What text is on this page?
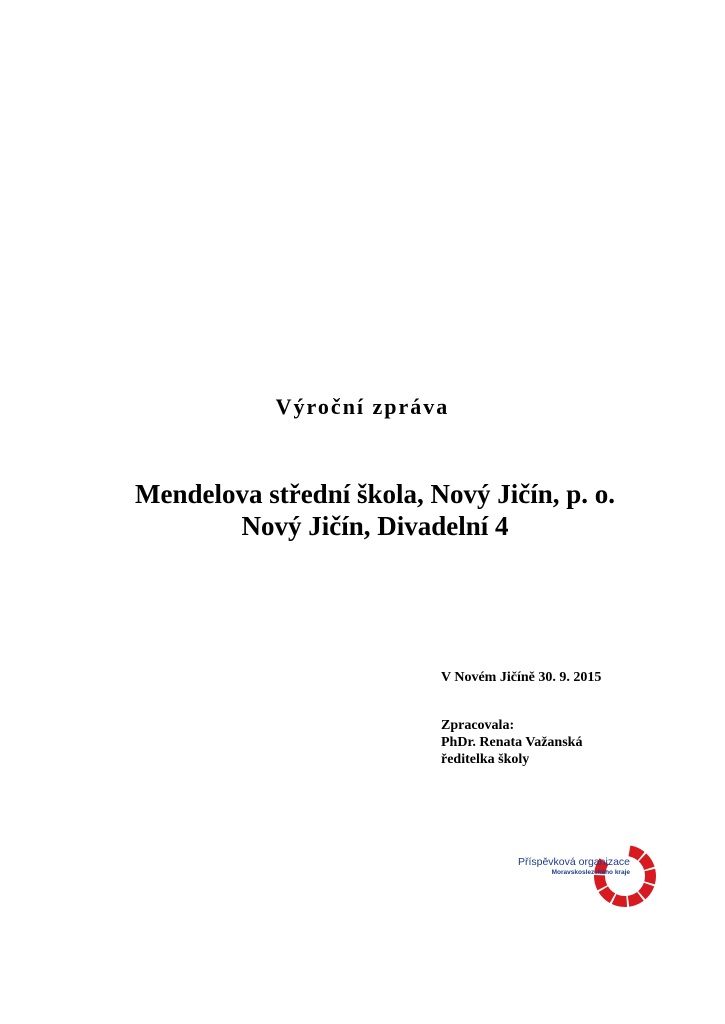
Výroční zpráva
Mendelova střední škola, Nový Jičín, p. o.
Nový Jičín, Divadelní 4
V Novém Jičíně 30. 9. 2015
Zpracovala:
PhDr. Renata Važanská
ředitelka školy
Příspěvková organizace
Moravskoslezského kraje
